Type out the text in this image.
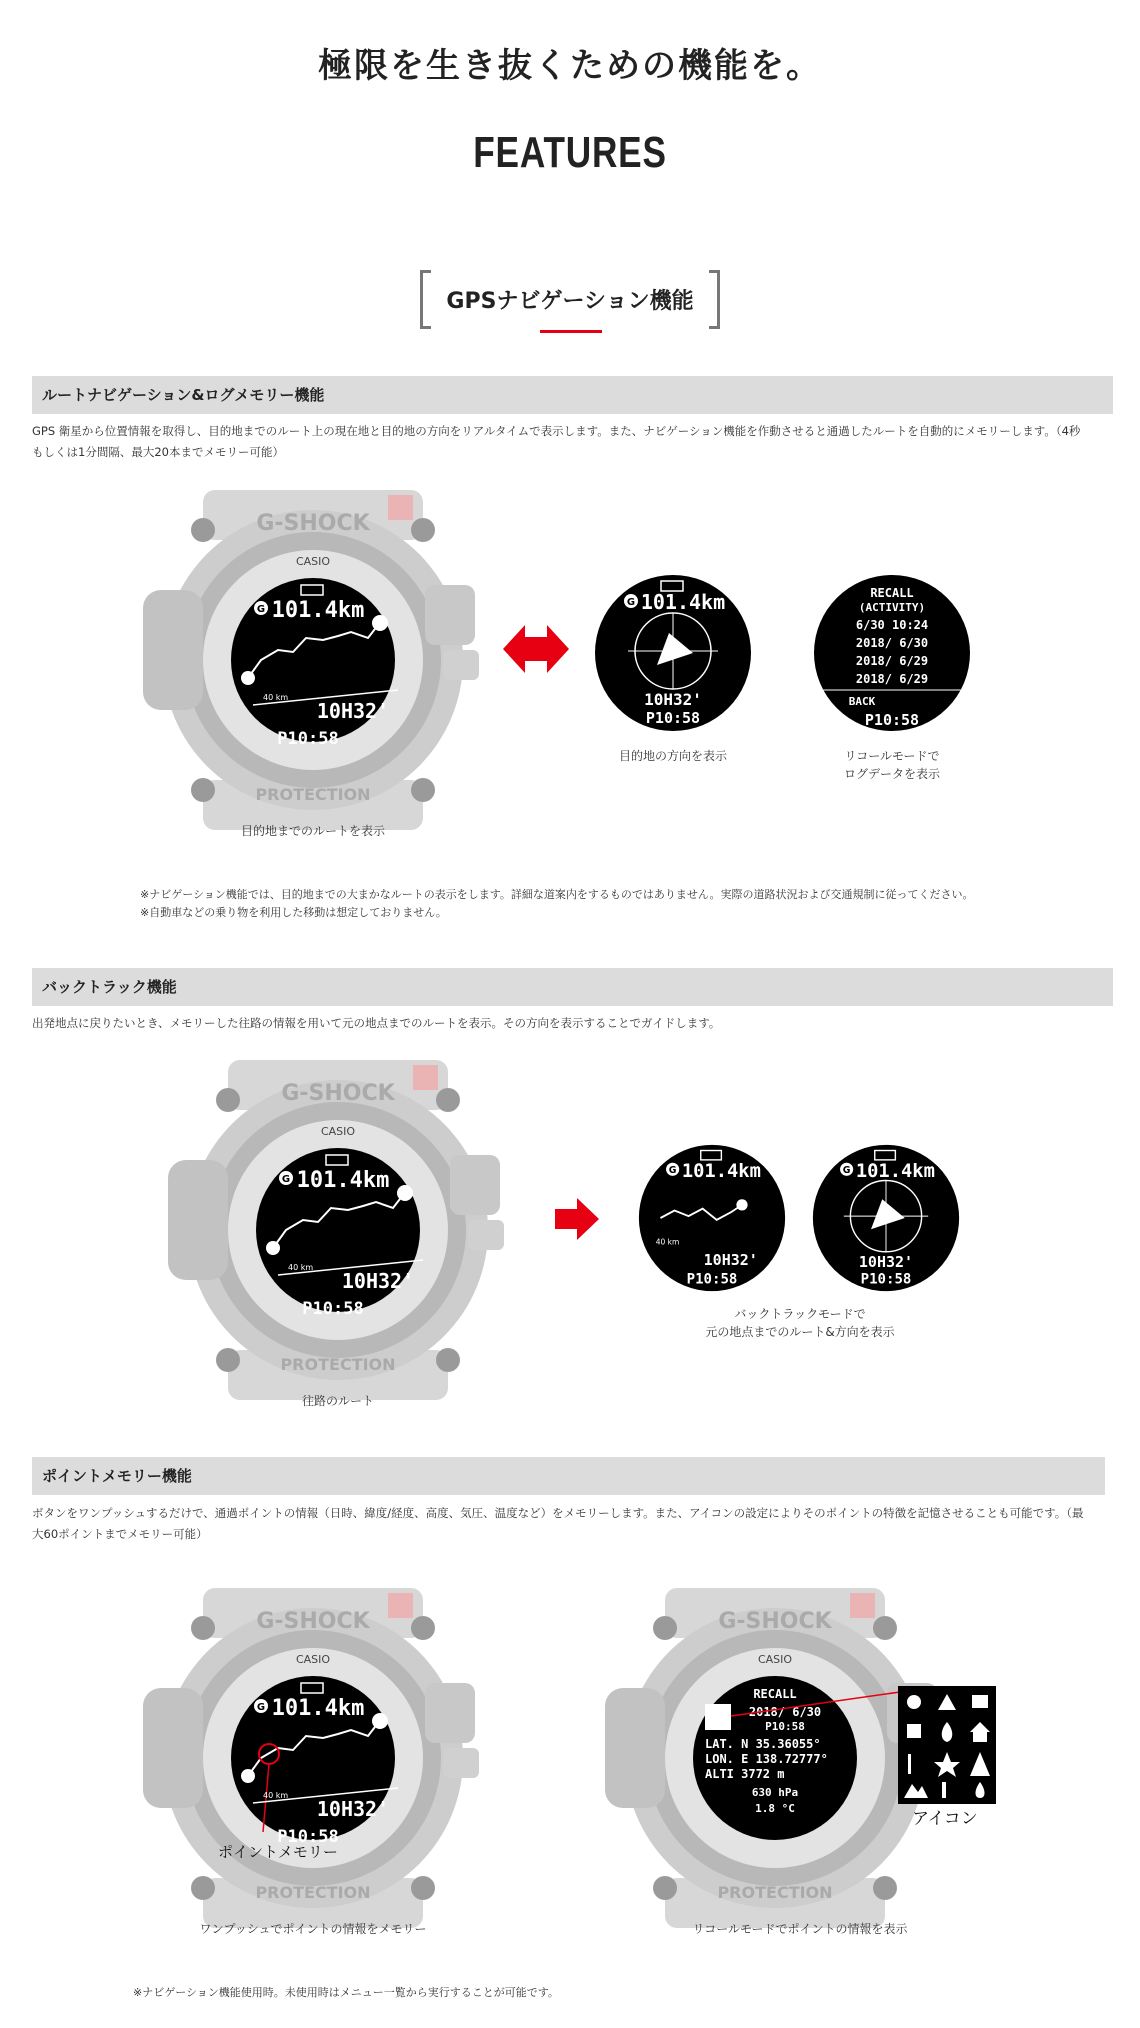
極限を生き抜くための機能を。
FEATURES
GPSナビゲーション機能
ルートナビゲーション&ログメモリー機能
GPS 衛星から位置情報を取得し、目的地までのルート上の現在地と目的地の方向をリアルタイムで表示します。また、ナビゲーション機能を作動させると通過したルートを自動的にメモリーします。（4秒
もしくは1分間隔、最大20本までメモリー可能）
G-SHOCK
CASIO
PROTECTION
G 101.4km
40 km
10H32'
P10:58
目的地までのルートを表示
G 101.4km
10H32'
P10:58
目的地の方向を表示
RECALL
(ACTIVITY)
6/30 10:24
2018/ 6/30
2018/ 6/29
2018/ 6/29
BACK
P10:58
リコールモードで
ログデータを表示
※ナビゲーション機能では、目的地までの大まかなルートの表示をします。詳細な道案内をするものではありません。実際の道路状況および交通規制に従ってください。
※自動車などの乗り物を利用した移動は想定しておりません。
バックトラック機能
出発地点に戻りたいとき、メモリーした往路の情報を用いて元の地点までのルートを表示。その方向を表示することでガイドします。
G-SHOCK
CASIO
PROTECTION
G 101.4km
40 km
10H32'
P10:58
往路のルート
G 101.4km
40 km
10H32'
P10:58
G 101.4km
10H32'
P10:58
バックトラックモードで
元の地点までのルート&方向を表示
ポイントメモリー機能
ボタンをワンプッシュするだけで、通過ポイントの情報（日時、緯度/経度、高度、気圧、温度など）をメモリーします。また、アイコンの設定によりそのポイントの特徴を記憶させることも可能です。（最
大60ポイントまでメモリー可能）
G-SHOCK
CASIO
PROTECTION
G 101.4km
40 km
10H32'
P10:58
ポイントメモリー
ワンプッシュでポイントの情報をメモリー
G-SHOCK
CASIO
PROTECTION
RECALL
2018/ 6/30
P10:58
LAT. N 35.36055°
LON. E 138.72777°
ALTI 3772 m
630 hPa
1.8 °C
アイコン
リコールモードでポイントの情報を表示
※ナビゲーション機能使用時。未使用時はメニュー一覧から実行することが可能です。
